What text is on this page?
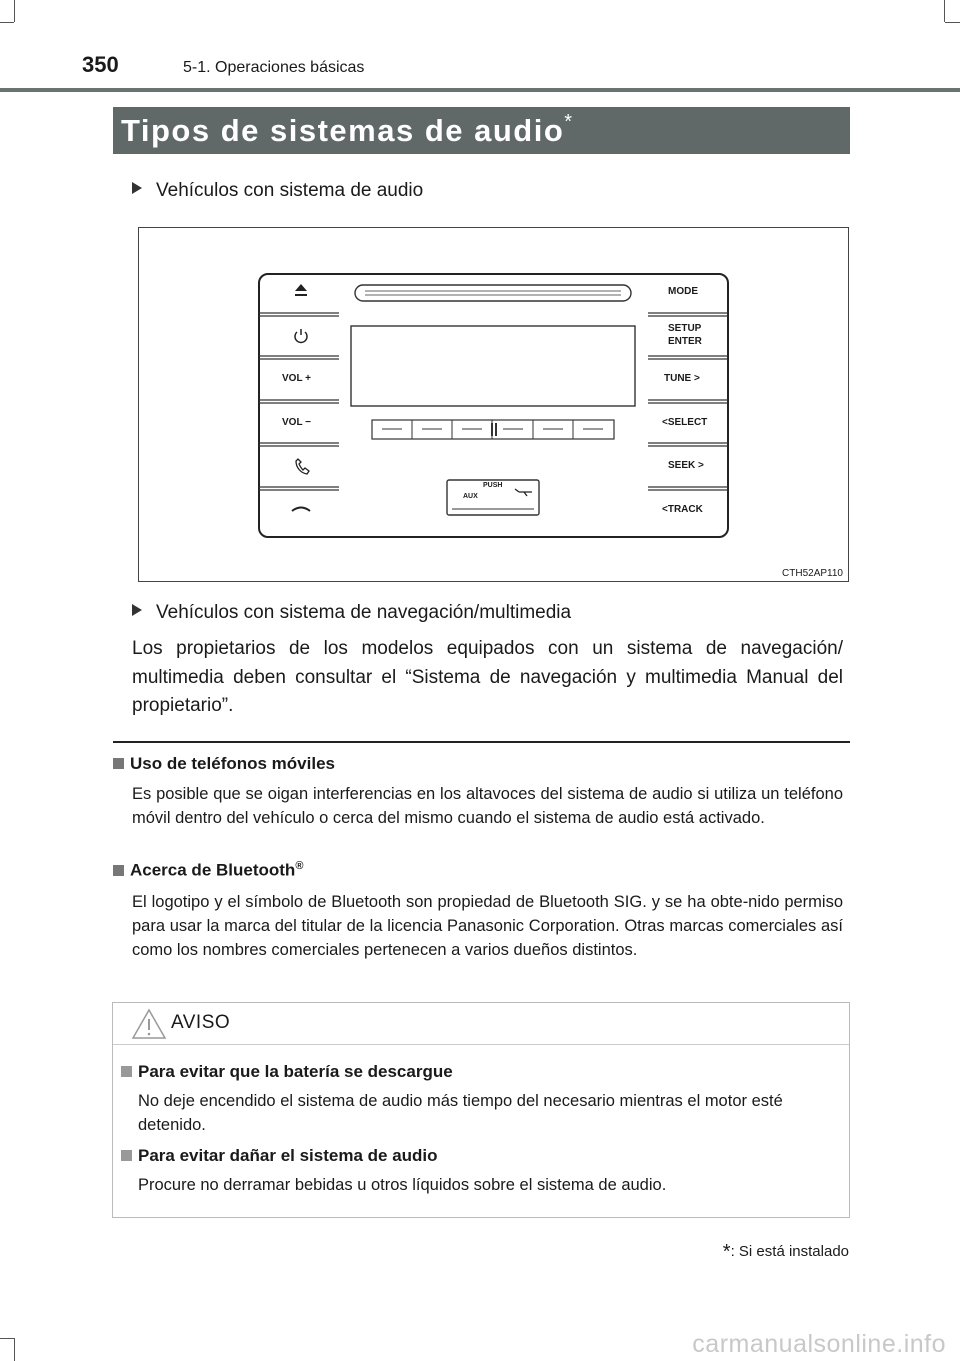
350	5-1. Operaciones básicas
Tipos de sistemas de audio *
Vehículos con sistema de audio
VOL +
VOL −
MODE
SETUP
ENTER
TUNE >
<SELECT
SEEK >
<TRACK
PUSH
AUX
CTH52AP110
Vehículos con sistema de navegación/multimedia
Los propietarios de los modelos equipados con un sistema de navegación/ multimedia deben consultar el “Sistema de navegación y multimedia Manual del propietario”.
Uso de teléfonos móviles
Es posible que se oigan interferencias en los altavoces del sistema de audio si utiliza un teléfono móvil dentro del vehículo o cerca del mismo cuando el sistema de audio está activado.
Acerca de Bluetooth®
El logotipo y el símbolo de Bluetooth son propiedad de Bluetooth SIG. y se ha obte-nido permiso para usar la marca del titular de la licencia Panasonic Corporation. Otras marcas comerciales así como los nombres comerciales pertenecen a varios dueños distintos.
AVISO
Para evitar que la batería se descargue
No deje encendido el sistema de audio más tiempo del necesario mientras el motor esté detenido.
Para evitar dañar el sistema de audio
Procure no derramar bebidas u otros líquidos sobre el sistema de audio.
*: Si está instalado
carmanualsonline.info
